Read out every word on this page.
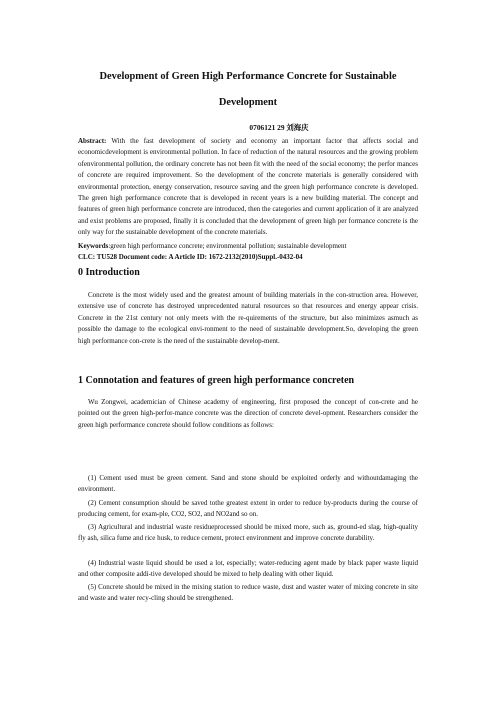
Development of Green High Performance Concrete for Sustainable
Development
0706121 29 刘海庆
Abstract: With the fast development of society and economy an important factor that affects social and economicdevelopment is environmental pollution. In face of reduction of the natural resources and the growing problem ofenvironmental pollution, the ordinary concrete has not been fit with the need of the social economy; the perfor mances of concrete are required improvement. So the development of the concrete materials is generally considered with environmental protection, energy conservation, resource saving and the green high performance concrete is developed. The green high performance concrete that is developed in recent years is a new building material. The concept and features of green high performance concrete are introduced, then the categories and current application of it are analyzed and exist problems are proposed, finally it is concluded that the development of green high per formance concrete is the only way for the sustainable development of the concrete materials.
Keywords:green high performance concrete; environmental pollution; sustainable development
CLC: TU528 Document code: A Article ID: 1672-2132(2010)Suppl.-0432-04
0 Introduction
Concrete is the most widely used and the greatest amount of building materials in the con-struction area. However, extensive use of concrete has destroyed unprecedented natural resources so that resources and energy appear crisis. Concrete in the 21st century not only meets with the re-quirements of the structure, but also minimizes asmuch as possible the damage to the ecological envi-ronment to the need of sustainable development.So, developing the green high performance con-crete is the need of the sustainable develop-ment.
1 Connotation and features of green high performance concreten
Wu Zongwei, academician of Chinese academy of engineering, first proposed the concept of con-crete and he pointed out the green high-perfor-mance concrete was the direction of concrete devel-opment. Researchers consider the green high performance concrete should follow conditions as follows:
(1) Cement used must be green cement. Sand and stone should be exploited orderly and withoutdamaging the environment.
(2) Cement consumption should be saved tothe greatest extent in order to reduce by-products during the course of producing cement, for exam-ple, CO2, SO2, and NO2and so on.
(3) Agricultural and industrial waste residueprocessed should be mixed more, such as, ground-ed slag, high-quality fly ash, silica fume and rice husk, to reduce cement, protect environment and improve concrete durability.
(4) Industrial waste liquid should be used a lot, especially; water-reducing agent made by black paper waste liquid and other composite addi-tive developed should be mixed to help dealing with other liquid.
(5) Concrete should be mixed in the mixing station to reduce waste, dust and waster water of mixing concrete in site and waste and water recy-cling should be strengthened.
